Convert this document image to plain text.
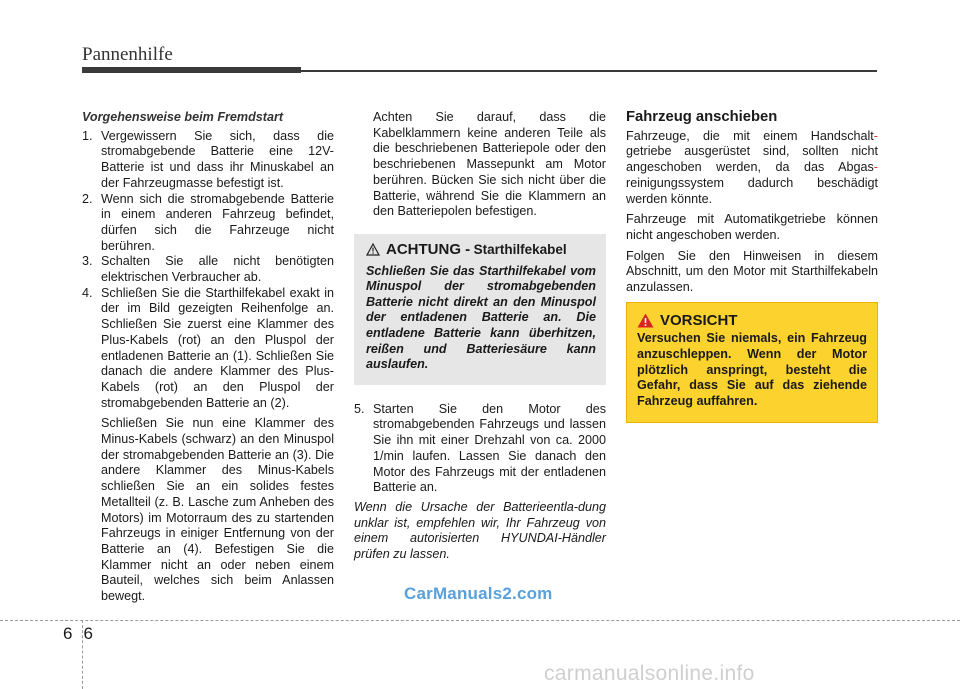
Pannenhilfe
Vorgehensweise beim Fremdstart
1. Vergewissern Sie sich, dass die stromabgebende Batterie eine 12V-Batterie ist und dass ihr Minuskabel an der Fahrzeugmasse befestigt ist.
2. Wenn sich die stromabgebende Batterie in einem anderen Fahrzeug befindet, dürfen sich die Fahrzeuge nicht berühren.
3. Schalten Sie alle nicht benötigten elektrischen Verbraucher ab.
4. Schließen Sie die Starthilfekabel exakt in der im Bild gezeigten Reihenfolge an. Schließen Sie zuerst eine Klammer des Plus-Kabels (rot) an den Pluspol der entladenen Batterie an (1). Schließen Sie danach die andere Klammer des Plus-Kabels (rot) an den Pluspol der stromabgebenden Batterie an (2).
Schließen Sie nun eine Klammer des Minus-Kabels (schwarz) an den Minuspol der stromabgebenden Batterie an (3). Die andere Klammer des Minus-Kabels schließen Sie an ein solides festes Metallteil (z. B. Lasche zum Anheben des Motors) im Motorraum des zu startenden Fahrzeugs in einiger Entfernung von der Batterie an (4). Befestigen Sie die Klammer nicht an oder neben einem Bauteil, welches sich beim Anlassen bewegt.
Achten Sie darauf, dass die Kabelklammern keine anderen Teile als die beschriebenen Batteriepole oder den beschriebenen Massepunkt am Motor berühren. Bücken Sie sich nicht über die Batterie, während Sie die Klammern an den Batteriepolen befestigen.
ACHTUNG -
Starthilfekabel
Schließen Sie das Starthilfekabel vom Minuspol der stromabgebenden Batterie nicht direkt an den Minuspol der entladenen Batterie an. Die entladene Batterie kann überhitzen, reißen und Batteriesäure kann auslaufen.
5. Starten Sie den Motor des stromabgebenden Fahrzeugs und lassen Sie ihn mit einer Drehzahl von ca. 2000 1/min laufen. Lassen Sie danach den Motor des Fahrzeugs mit der entladenen Batterie an.
Wenn die Ursache der Batterieentla-dung unklar ist, empfehlen wir, Ihr Fahrzeug von einem autorisierten HYUNDAI-Händler prüfen zu lassen.
Fahrzeug anschieben

Fahrzeuge, die mit einem Handschalt- getriebe ausgerüstet sind, sollten nicht angeschoben werden, da das Abgas- reinigungssystem dadurch beschädigt werden könnte.

Fahrzeuge mit Automatikgetriebe können nicht angeschoben werden.

Folgen Sie den Hinweisen in diesem Abschnitt, um den Motor mit Starthilfekabeln anzulassen.

VORSICHT
Versuchen Sie niemals, ein Fahrzeug anzuschleppen. Wenn der Motor plötzlich anspringt, besteht die Gefahr, dass Sie auf das ziehende Fahrzeug auffahren.
CarManuals2.com
66
carmanualsonline.info
